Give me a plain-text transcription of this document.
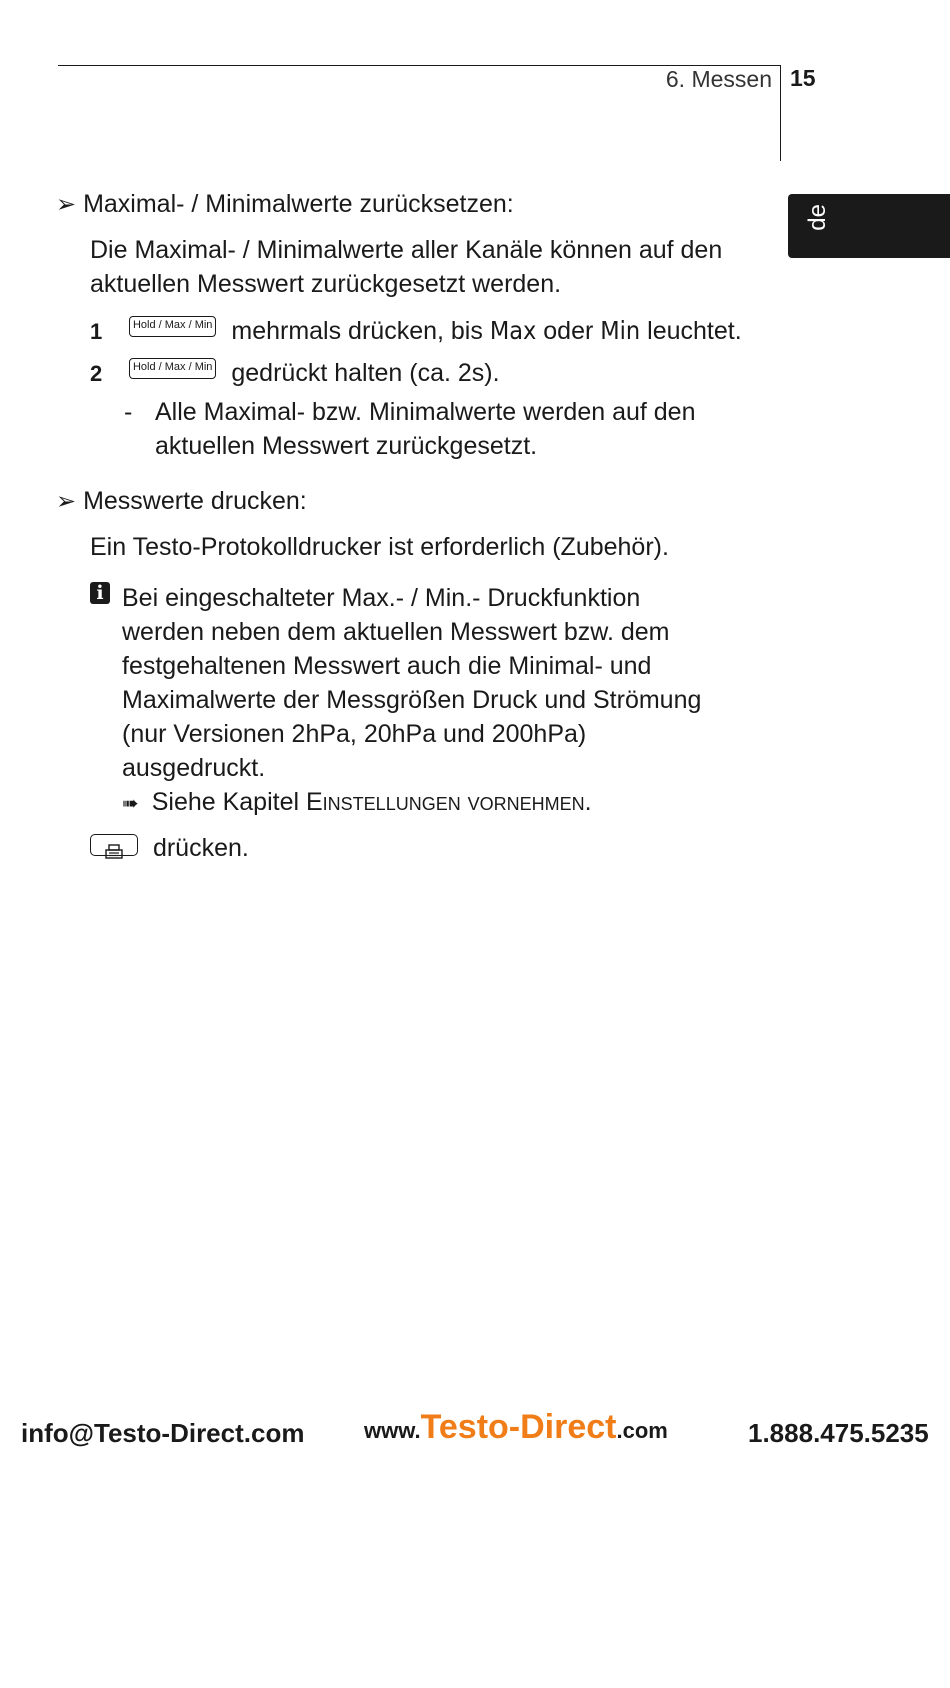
6. Messen 15
de
➢ Maximal- / Minimalwerte zurücksetzen:
Die Maximal- / Minimalwerte aller Kanäle können auf den
aktuellen Messwert zurückgesetzt werden.
1	Hold / Max / Min mehrmals drücken, bis Max oder Min leuchtet.
2	Hold / Max / Min gedrückt halten (ca. 2s).
- Alle Maximal- bzw. Minimalwerte werden auf den
aktuellen Messwert zurückgesetzt.
➢ Messwerte drucken:
Ein Testo-Protokolldrucker ist erforderlich (Zubehör).
i Bei eingeschalteter Max.- / Min.- Druckfunktion
werden neben dem aktuellen Messwert bzw. dem
festgehaltenen Messwert auch die Minimal- und
Maximalwerte der Messgrößen Druck und Strömung
(nur Versionen 2hPa, 20hPa und 200hPa)
ausgedruckt.
➠ Siehe Kapitel Einstellungen vornehmen.
drücken.
info@Testo-Direct.com	www.Testo-Direct.com	1.888.475.5235
